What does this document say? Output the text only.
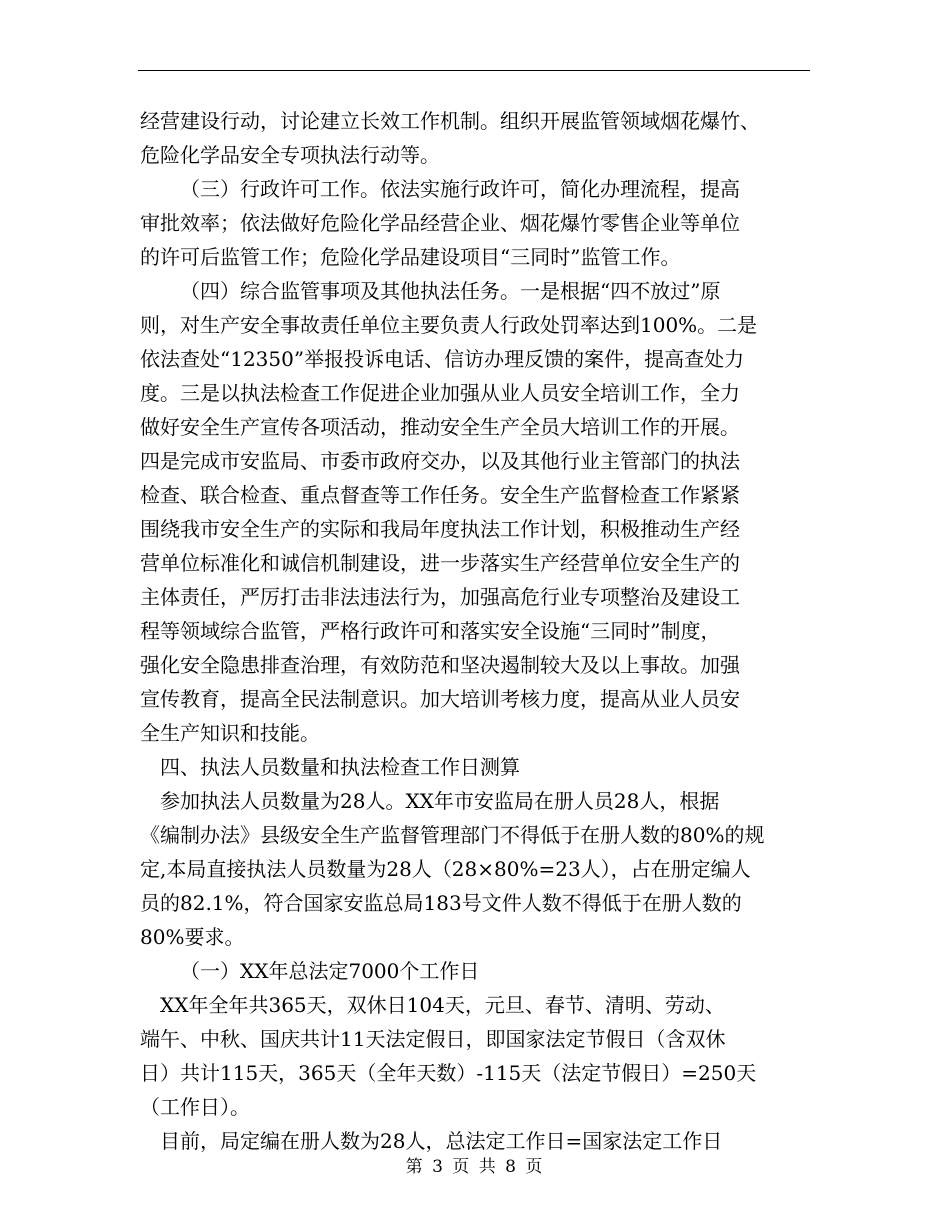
经营建设行动，讨论建立长效工作机制。组织开展监管领域烟花爆竹、
危险化学品安全专项执法行动等。
（三）行政许可工作。依法实施行政许可，简化办理流程，提高
审批效率；依法做好危险化学品经营企业、烟花爆竹零售企业等单位
的许可后监管工作；危险化学品建设项目“三同时”监管工作。
（四）综合监管事项及其他执法任务。一是根据“四不放过”原
则，对生产安全事故责任单位主要负责人行政处罚率达到100%。二是
依法查处“12350”举报投诉电话、信访办理反馈的案件，提高查处力
度。三是以执法检查工作促进企业加强从业人员安全培训工作，全力
做好安全生产宣传各项活动，推动安全生产全员大培训工作的开展。
四是完成市安监局、市委市政府交办，以及其他行业主管部门的执法
检查、联合检查、重点督查等工作任务。安全生产监督检查工作紧紧
围绕我市安全生产的实际和我局年度执法工作计划，积极推动生产经
营单位标准化和诚信机制建设，进一步落实生产经营单位安全生产的
主体责任，严厉打击非法违法行为，加强高危行业专项整治及建设工
程等领域综合监管，严格行政许可和落实安全设施“三同时”制度，
强化安全隐患排查治理，有效防范和坚决遏制较大及以上事故。加强
宣传教育，提高全民法制意识。加大培训考核力度，提高从业人员安
全生产知识和技能。
四、执法人员数量和执法检查工作日测算
参加执法人员数量为28人。XX年市安监局在册人员28人，根据
《编制办法》县级安全生产监督管理部门不得低于在册人数的80%的规
定,本局直接执法人员数量为28人（28×80%=23人），占在册定编人
员的82.1%，符合国家安监总局183号文件人数不得低于在册人数的
80%要求。
（一）XX年总法定7000个工作日
XX年全年共365天，双休日104天，元旦、春节、清明、劳动、
端午、中秋、国庆共计11天法定假日，即国家法定节假日（含双休
日）共计115天，365天（全年天数）-115天（法定节假日）=250天
（工作日）。
目前，局定编在册人数为28人，总法定工作日=国家法定工作日
第 3 页 共 8 页
